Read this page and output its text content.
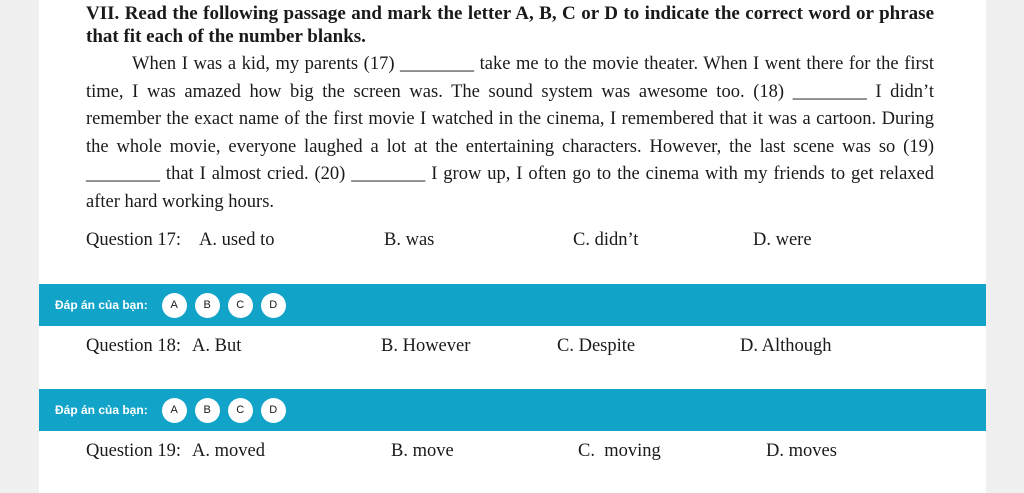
VII. Read the following passage and mark the letter A, B, C or D to indicate the correct word or phrase that fit each of the number blanks.
When I was a kid, my parents (17) ________ take me to the movie theater. When I went there for the first time, I was amazed how big the screen was. The sound system was awesome too. (18) ________ I didn’t remember the exact name of the first movie I watched in the cinema, I remembered that it was a cartoon. During the whole movie, everyone laughed a lot at the entertaining characters. However, the last scene was so (19) ________ that I almost cried. (20) ________ I grow up, I often go to the cinema with my friends to get relaxed after hard working hours.
Question 17: A. used to	B. was	C. didn’t	D. were
Đáp án của bạn:	A	B	C	D
Question 18: A. But	B. However	C. Despite	D. Although
Đáp án của bạn:	A	B	C	D
Question 19: A. moved	B. move	C.  moving	D. moves
